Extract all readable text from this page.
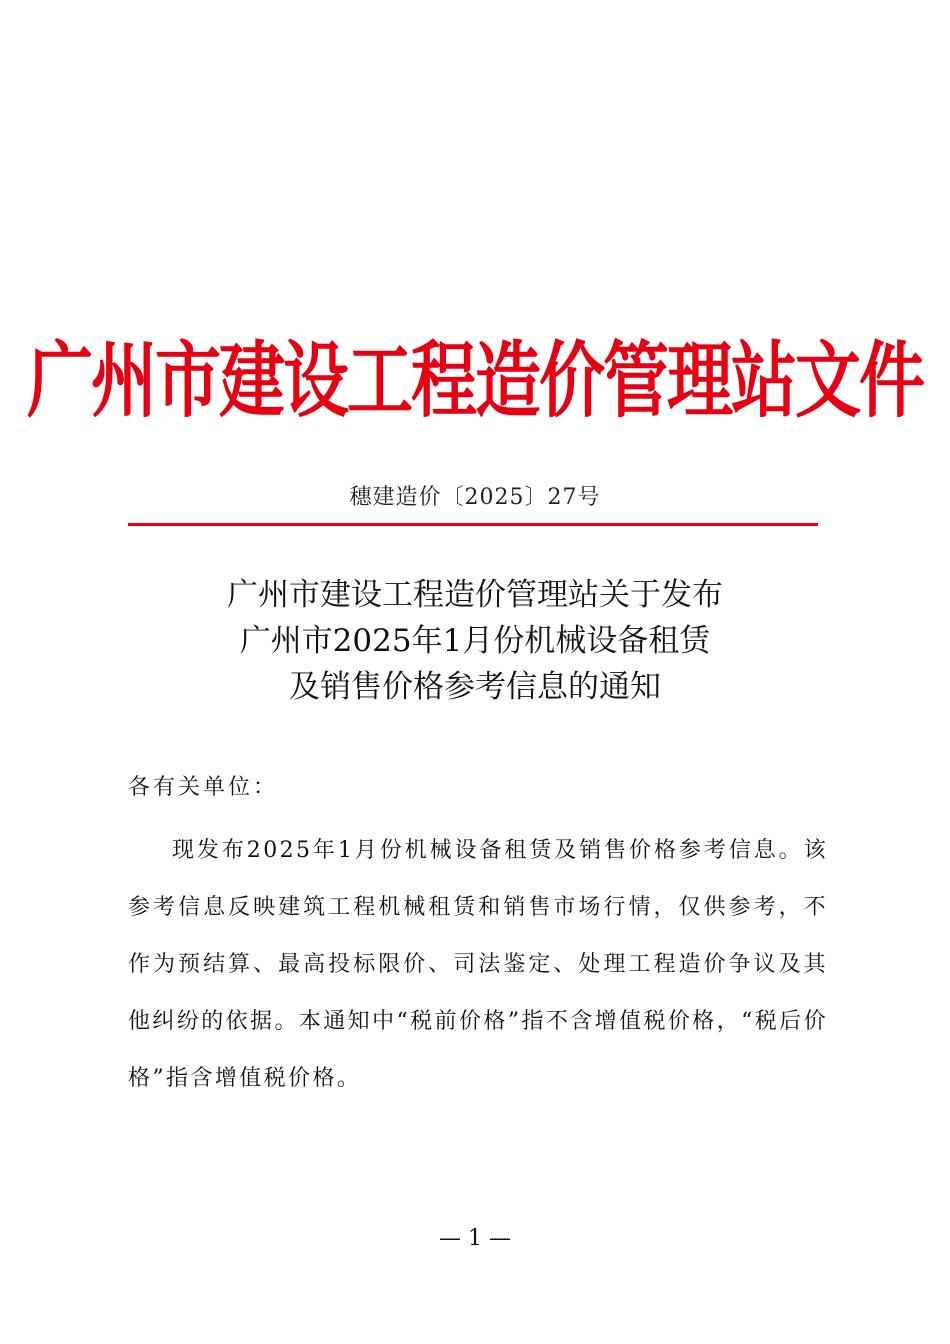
广州市建设工程造价管理站文件
穗建造价〔2025〕27号
广州市建设工程造价管理站关于发布
广州市2025年1月份机械设备租赁
及销售价格参考信息的通知
各有关单位：

现发布2025年1月份机械设备租赁及销售价格参考信息。该参考信息反映建筑工程机械租赁和销售市场行情，仅供参考，不作为预结算、最高投标限价、司法鉴定、处理工程造价争议及其他纠纷的依据。本通知中“税前价格”指不含增值税价格，“税后价格”指含增值税价格。

— 1 —
